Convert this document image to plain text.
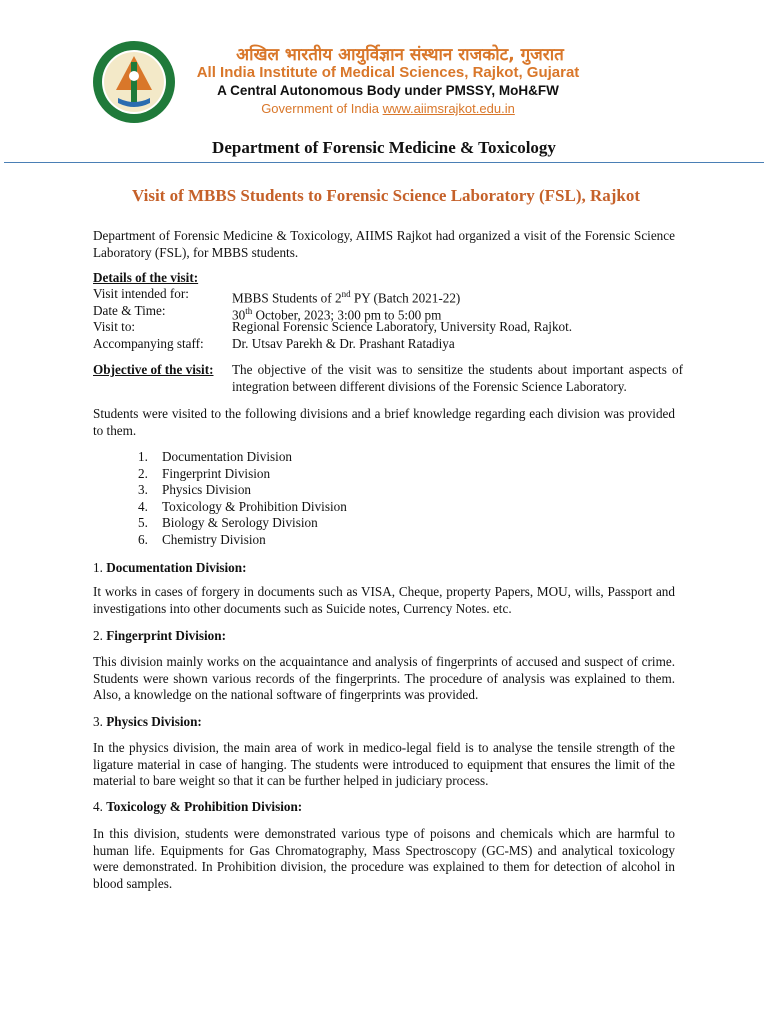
अखिल भारतीय आयुर्विज्ञान संस्थान राजकोट, गुजरात
All India Institute of Medical Sciences, Rajkot, Gujarat
A Central Autonomous Body under PMSSY, MoH&FW
Government of India www.aiimsrajkot.edu.in
Department of Forensic Medicine & Toxicology
Visit of MBBS Students to Forensic Science Laboratory (FSL), Rajkot
Department of Forensic Medicine & Toxicology, AIIMS Rajkot had organized a visit of the Forensic Science Laboratory (FSL), for MBBS students.
Details of the visit:
Visit intended for:	MBBS Students of 2nd PY (Batch 2021-22)
Date & Time:	30th October, 2023; 3:00 pm to 5:00 pm
Visit to:	Regional Forensic Science Laboratory, University Road, Rajkot.
Accompanying staff:	Dr. Utsav Parekh & Dr. Prashant Ratadiya
Objective of the visit:	The objective of the visit was to sensitize the students about important aspects of integration between different divisions of the Forensic Science Laboratory.
Students were visited to the following divisions and a brief knowledge regarding each division was provided to them.
1.	Documentation Division
2.	Fingerprint Division
3.	Physics Division
4.	Toxicology & Prohibition Division
5.	Biology & Serology Division
6.	Chemistry Division
1. Documentation Division:
It works in cases of forgery in documents such as VISA, Cheque, property Papers, MOU, wills, Passport and investigations into other documents such as Suicide notes, Currency Notes. etc.
2. Fingerprint Division:
This division mainly works on the acquaintance and analysis of fingerprints of accused and suspect of crime. Students were shown various records of the fingerprints. The procedure of analysis was explained to them. Also, a knowledge on the national software of fingerprints was provided.
3. Physics Division:
In the physics division, the main area of work in medico-legal field is to analyse the tensile strength of the ligature material in case of hanging. The students were introduced to equipment that ensures the limit of the material to bare weight so that it can be further helped in judiciary process.
4. Toxicology & Prohibition Division:
In this division, students were demonstrated various type of poisons and chemicals which are harmful to human life. Equipments for Gas Chromatography, Mass Spectroscopy (GC-MS) and analytical toxicology were demonstrated. In Prohibition division, the procedure was explained to them for detection of alcohol in blood samples.
